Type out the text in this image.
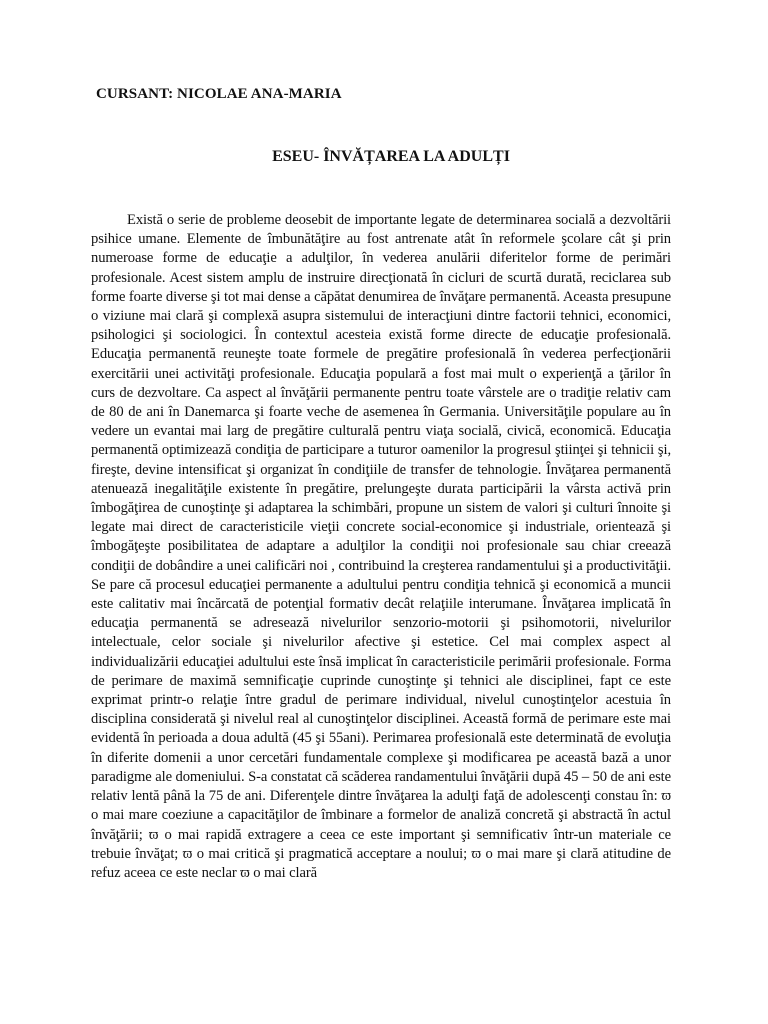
CURSANT: NICOLAE ANA-MARIA
ESEU- ÎNVĂȚAREA LA ADULȚI

Există o serie de probleme deosebit de importante legate de determinarea socială a dezvoltării psihice umane. Elemente de îmbunătăţire au fost antrenate atât în reformele şcolare cât şi prin numeroase forme de educaţie a adulţilor, în vederea anulării diferitelor forme de perimări profesionale. Acest sistem amplu de instruire direcţionată în cicluri de scurtă durată, reciclarea sub forme foarte diverse şi tot mai dense a căpătat denumirea de învăţare permanentă. Aceasta presupune o viziune mai clară şi complexă asupra sistemului de interacţiuni dintre factorii tehnici, economici, psihologici şi sociologici. În contextul acesteia există forme directe de educaţie profesională. Educaţia permanentă reuneşte toate formele de pregătire profesională în vederea perfecţionării exercitării unei activităţi profesionale. Educaţia populară a fost mai mult o experienţă a ţărilor în curs de dezvoltare. Ca aspect al învăţării permanente pentru toate vârstele are o tradiţie relativ cam de 80 de ani în Danemarca şi foarte veche de asemenea în Germania. Universităţile populare au în vedere un evantai mai larg de pregătire culturală pentru viaţa socială, civică, economică. Educaţia permanentă optimizează condiţia de participare a tuturor oamenilor la progresul ştiinţei şi tehnicii şi, fireşte, devine intensificat şi organizat în condiţiile de transfer de tehnologie. Învăţarea permanentă atenuează inegalităţile existente în pregătire, prelungeşte durata participării la vârsta activă prin îmbogăţirea de cunoştinţe şi adaptarea la schimbări, propune un sistem de valori şi culturi înnoite şi legate mai direct de caracteristicile vieţii concrete social-economice şi industriale, orientează şi îmbogăţeşte posibilitatea de adaptare a adulţilor la condiţii noi profesionale sau chiar creează condiţii de dobândire a unei calificări noi , contribuind la creşterea randamentului şi a productivităţii. Se pare că procesul educaţiei permanente a adultului pentru condiţia tehnică şi economică a muncii este calitativ mai încărcată de potenţial formativ decât relaţiile interumane. Învăţarea implicată în educaţia permanentă se adresează nivelurilor senzorio-motorii şi psihomotorii, nivelurilor intelectuale, celor sociale şi nivelurilor afective şi estetice. Cel mai complex aspect al individualizării educaţiei adultului este însă implicat în caracteristicile perimării profesionale. Forma de perimare de maximă semnificaţie cuprinde cunoştinţe şi tehnici ale disciplinei, fapt ce este exprimat printr-o relaţie între gradul de perimare individual, nivelul cunoştinţelor acestuia în disciplina considerată şi nivelul real al cunoştinţelor disciplinei. Această formă de perimare este mai evidentă în perioada a doua adultă (45 şi 55ani). Perimarea profesională este determinată de evoluţia în diferite domenii a unor cercetări fundamentale complexe şi modificarea pe această bază a unor paradigme ale domeniului. S-a constatat că scăderea randamentului învăţării după 45 – 50 de ani este relativ lentă până la 75 de ani. Diferenţele dintre învăţarea la adulţi faţă de adolescenţi constau în: ϖ o mai mare coeziune a capacităţilor de îmbinare a formelor de analiză concretă şi abstractă în actul învăţării; ϖ o mai rapidă extragere a ceea ce este important şi semnificativ într-un materiale ce trebuie învăţat; ϖ o mai critică şi pragmatică acceptare a noului; ϖ o mai mare şi clară atitudine de refuz aceea ce este neclar ϖ o mai clară
